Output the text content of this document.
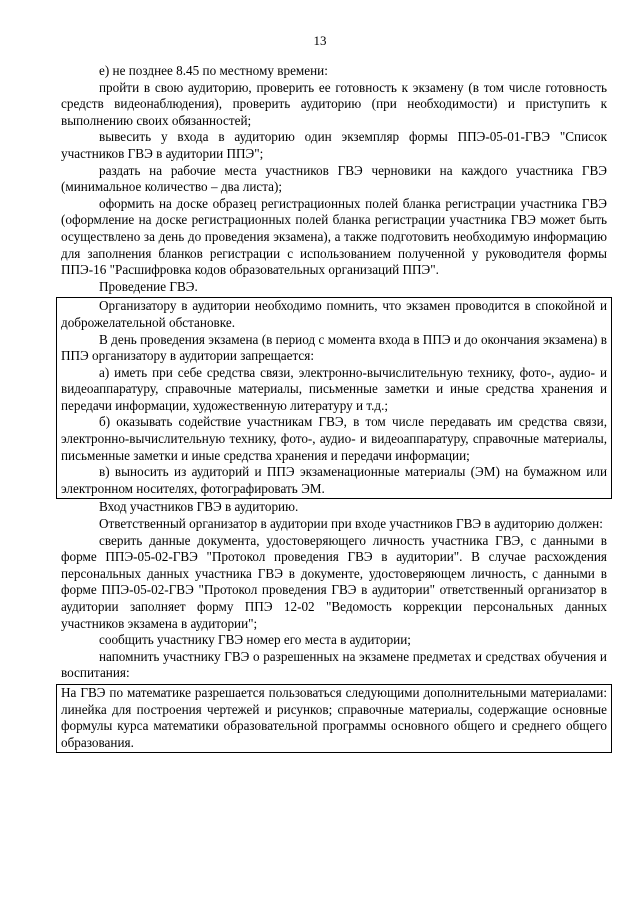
13

е) не позднее 8.45 по местному времени:

пройти в свою аудиторию, проверить ее готовность к экзамену (в том числе готовность средств видеонаблюдения), проверить аудиторию (при необходимости) и приступить к выполнению своих обязанностей;

вывесить у входа в аудиторию один экземпляр формы ППЭ-05-01-ГВЭ "Список участников ГВЭ в аудитории ППЭ";

раздать на рабочие места участников ГВЭ черновики на каждого участника ГВЭ (минимальное количество – два листа);

оформить на доске образец регистрационных полей бланка регистрации участника ГВЭ (оформление на доске регистрационных полей бланка регистрации участника ГВЭ может быть осуществлено за день до проведения экзамена), а также подготовить необходимую информацию для заполнения бланков регистрации с использованием полученной у руководителя формы ППЭ-16 "Расшифровка кодов образовательных организаций ППЭ".

Проведение ГВЭ.

Организатору в аудитории необходимо помнить, что экзамен проводится в спокойной и доброжелательной обстановке.

В день проведения экзамена (в период с момента входа в ППЭ и до окончания экзамена) в ППЭ организатору в аудитории запрещается:

а) иметь при себе средства связи, электронно-вычислительную технику, фото-, аудио- и видеоаппаратуру, справочные материалы, письменные заметки и иные средства хранения и передачи информации, художественную литературу и т.д.;

б) оказывать содействие участникам ГВЭ, в том числе передавать им средства связи, электронно-вычислительную технику, фото-, аудио- и видеоаппаратуру, справочные материалы, письменные заметки и иные средства хранения и передачи информации;

в) выносить из аудиторий и ППЭ экзаменационные материалы (ЭМ) на бумажном или электронном носителях, фотографировать ЭМ.

Вход участников ГВЭ в аудиторию.

Ответственный организатор в аудитории при входе участников ГВЭ в аудиторию должен:

сверить данные документа, удостоверяющего личность участника ГВЭ, с данными в форме ППЭ-05-02-ГВЭ "Протокол проведения ГВЭ в аудитории". В случае расхождения персональных данных участника ГВЭ в документе, удостоверяющем личность, с данными в форме ППЭ-05-02-ГВЭ "Протокол проведения ГВЭ в аудитории" ответственный организатор в аудитории заполняет форму ППЭ 12-02 "Ведомость коррекции персональных данных участников экзамена в аудитории";

сообщить участнику ГВЭ номер его места в аудитории;

напомнить участнику ГВЭ о разрешенных на экзамене предметах и средствах обучения и воспитания:

На ГВЭ по математике разрешается пользоваться следующими дополнительными материалами: линейка для построения чертежей и рисунков; справочные материалы, содержащие основные формулы курса математики образовательной программы основного общего и среднего общего образования.
